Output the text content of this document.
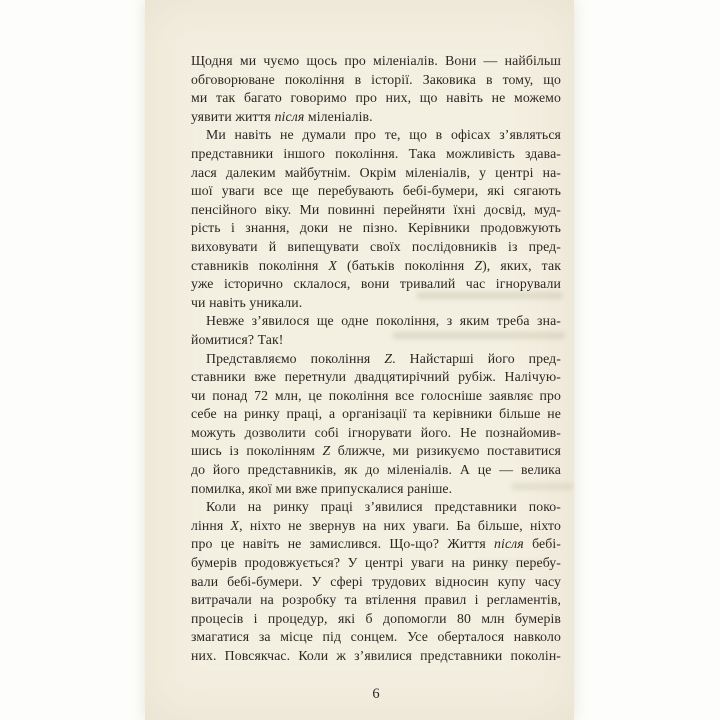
Щодня ми чуємо щось про міленіалів. Вони — найбільш
обговорюване покоління в історії. Заковика в тому, що
ми так багато говоримо про них, що навіть не можемо
уявити життя після міленіалів.
Ми навіть не думали про те, що в офісах з’являться
представники іншого покоління. Така можливість здава-
лася далеким майбутнім. Окрім міленіалів, у центрі на-
шої уваги все ще перебувають бебі-бумери, які сягають
пенсійного віку. Ми повинні перейняти їхні досвід, муд-
рість і знання, доки не пізно. Керівники продовжують
виховувати й випещувати своїх послідовників із пред-
ставників покоління X (батьків покоління Z), яких, так
уже історично склалося, вони тривалий час ігнорували
чи навіть уникали.
Невже з’явилося ще одне покоління, з яким треба зна-
йомитися? Так!
Представляємо покоління Z. Найстарші його пред-
ставники вже перетнули двадцятирічний рубіж. Налічую-
чи понад 72 млн, це покоління все голосніше заявляє про
себе на ринку праці, а організації та керівники більше не
можуть дозволити собі ігнорувати його. Не познайомив-
шись із поколінням Z ближче, ми ризикуємо поставитися
до його представників, як до міленіалів. А це — велика
помилка, якої ми вже припускалися раніше.
Коли на ринку праці з’явилися представники поко-
ління X, ніхто не звернув на них уваги. Ба більше, ніхто
про це навіть не замислився. Що-що? Життя після бебі-
бумерів продовжується? У центрі уваги на ринку перебу-
вали бебі-бумери. У сфері трудових відносин купу часу
витрачали на розробку та втілення правил і регламентів,
процесів і процедур, які б допомогли 80 млн бумерів
змагатися за місце під сонцем. Усе оберталося навколо
них. Повсякчас. Коли ж з’явилися представники поколін-
6
